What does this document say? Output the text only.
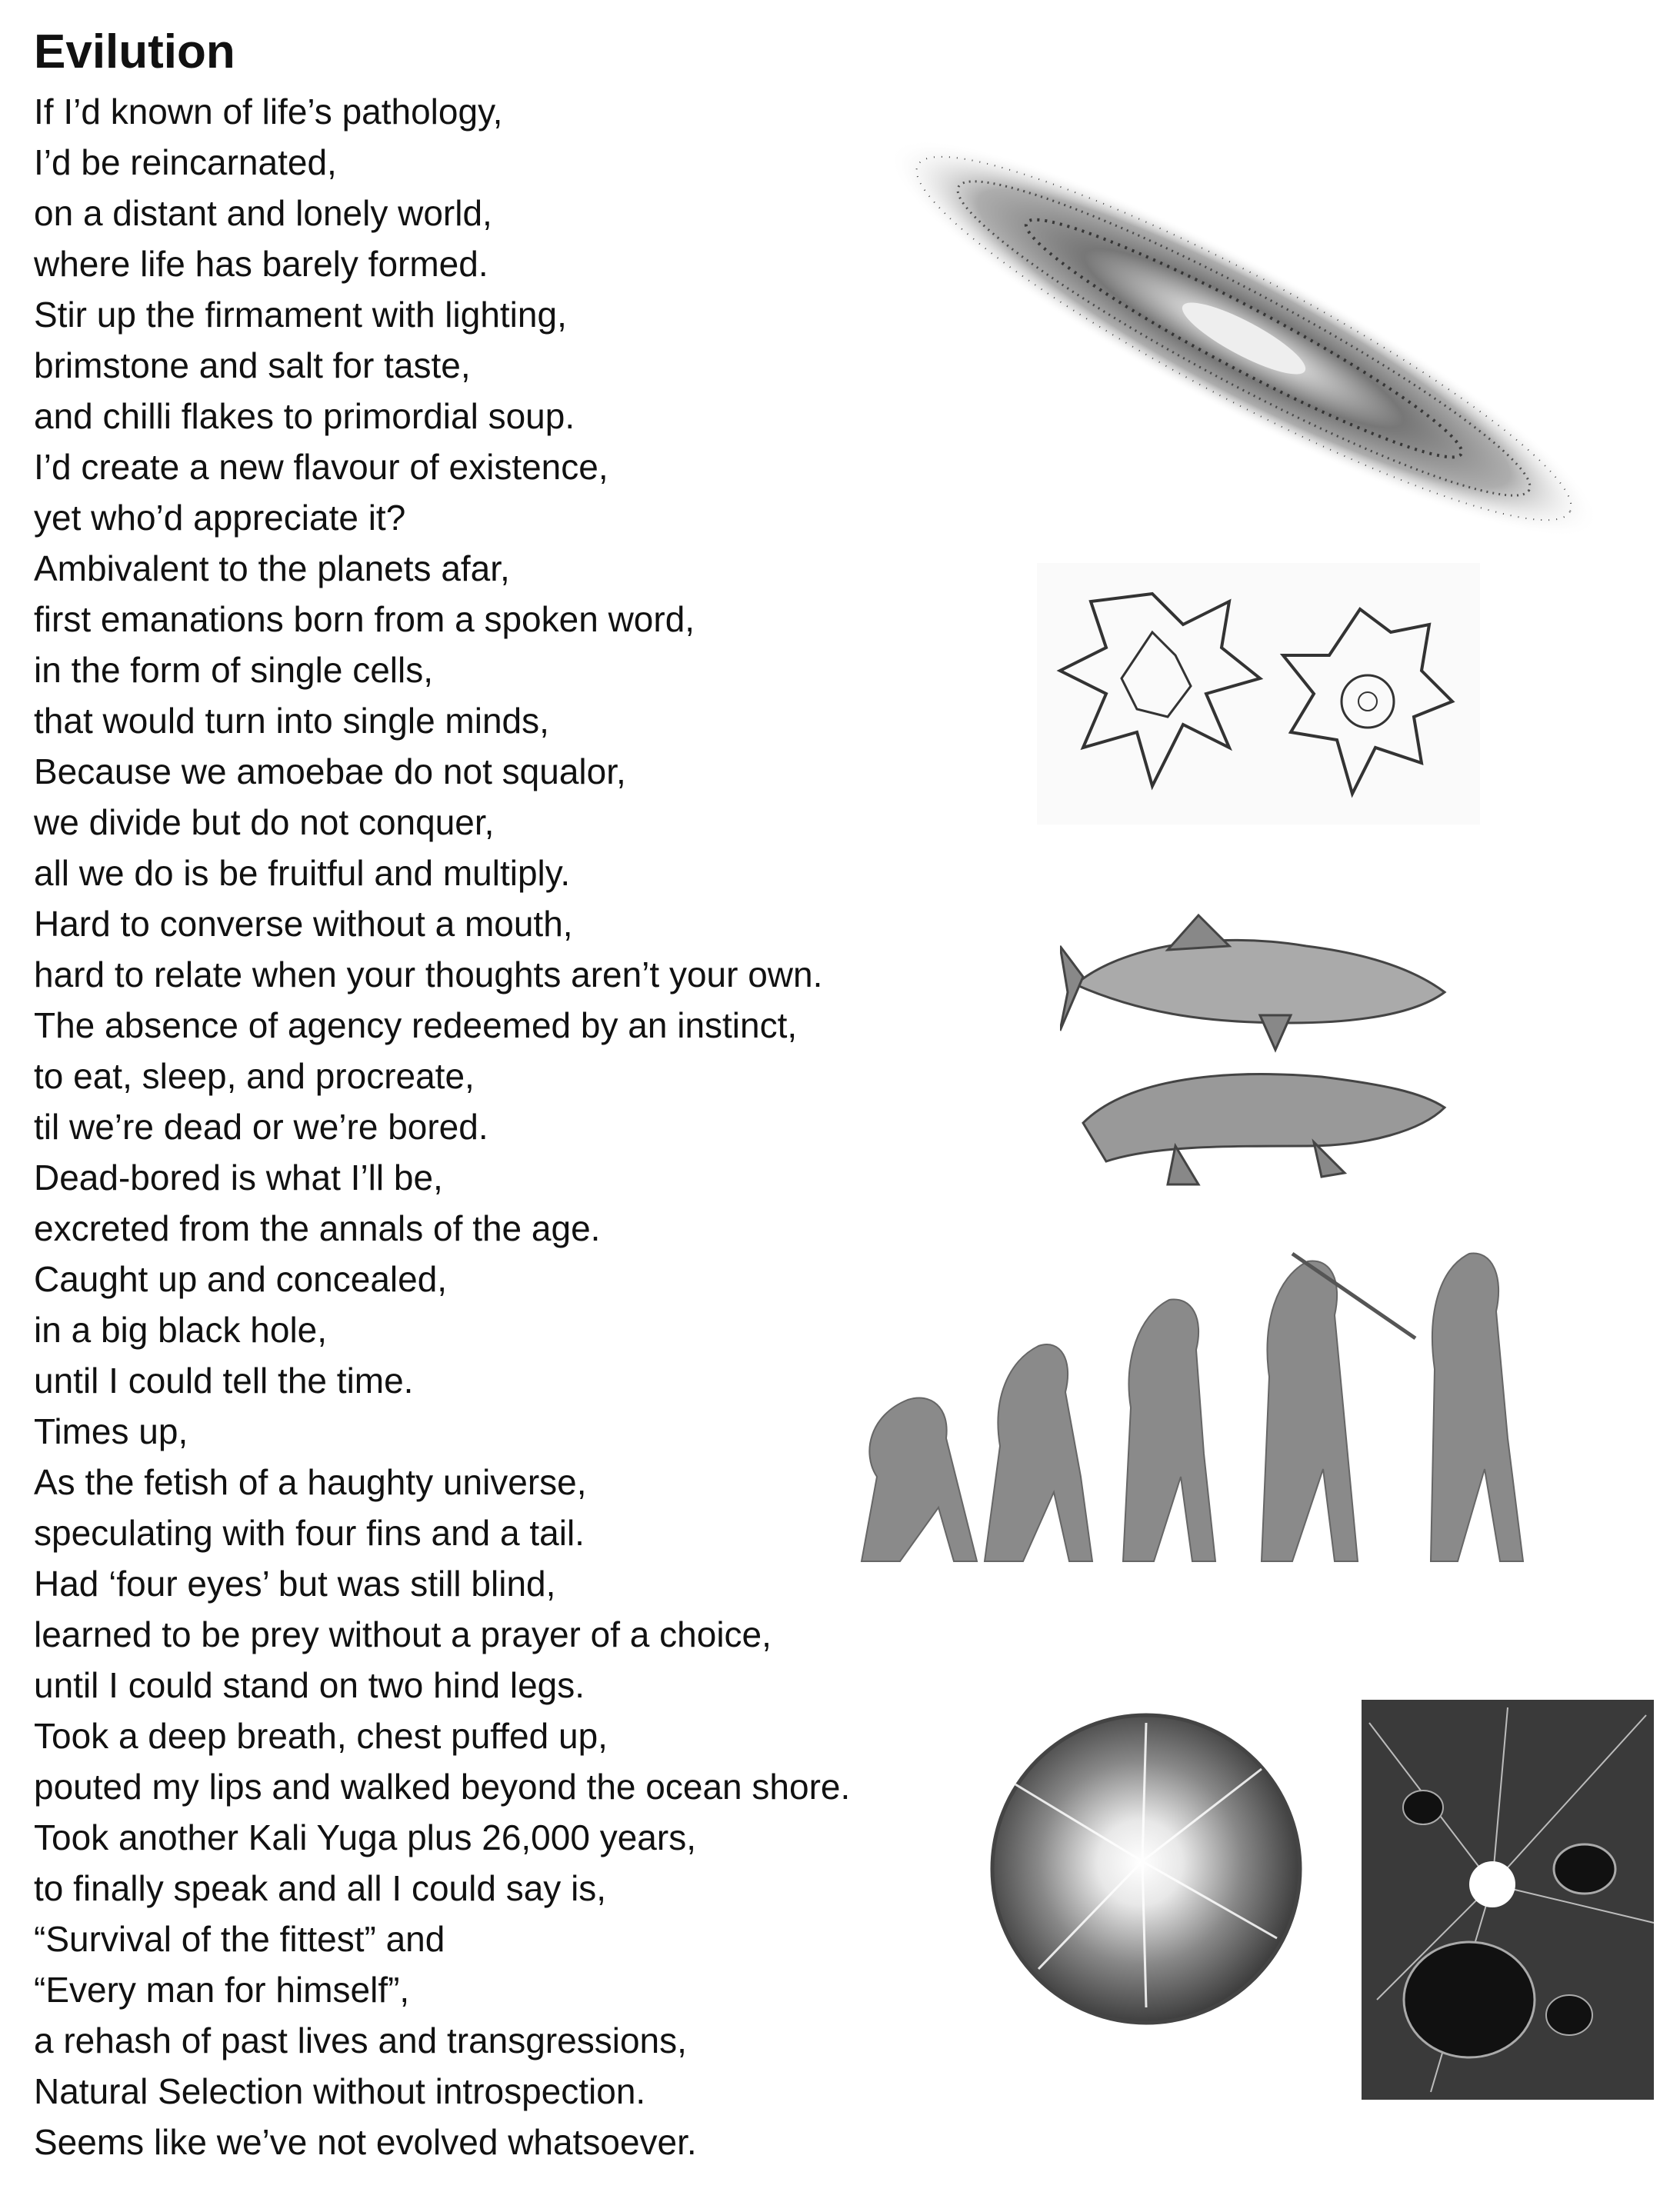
Evilution
If I’d known of life’s pathology,
I’d be reincarnated,
on a distant and lonely world,
where life has barely formed.
Stir up the firmament with lighting,
brimstone and salt for taste,
and chilli flakes to primordial soup.
I’d create a new flavour of existence,
yet who’d appreciate it?
Ambivalent to the planets afar,
first emanations born from a spoken word,
in the form of single cells,
that would turn into single minds,
Because we amoebae do not squalor,
we divide but do not conquer,
all we do is be fruitful and multiply.
Hard to converse without a mouth,
hard to relate when your thoughts aren’t your own.
The absence of agency redeemed by an instinct,
to eat, sleep, and procreate,
til we’re dead or we’re bored.
Dead-bored is what I’ll be,
excreted from the annals of the age.
Caught up and concealed,
in a big black hole,
until I could tell the time.
Times up,
As the fetish of a haughty universe,
speculating with four fins and a tail.
Had ‘four eyes’ but was still blind,
learned to be prey without a prayer of a choice,
until I could stand on two hind legs.
Took a deep breath, chest puffed up,
pouted my lips and walked beyond the ocean shore.
Took another Kali Yuga plus 26,000 years,
to finally speak and all I could say is,
“Survival of the fittest” and
“Every man for himself”,
a rehash of past lives and transgressions,
Natural Selection without introspection.
Seems like we’ve not evolved whatsoever.
